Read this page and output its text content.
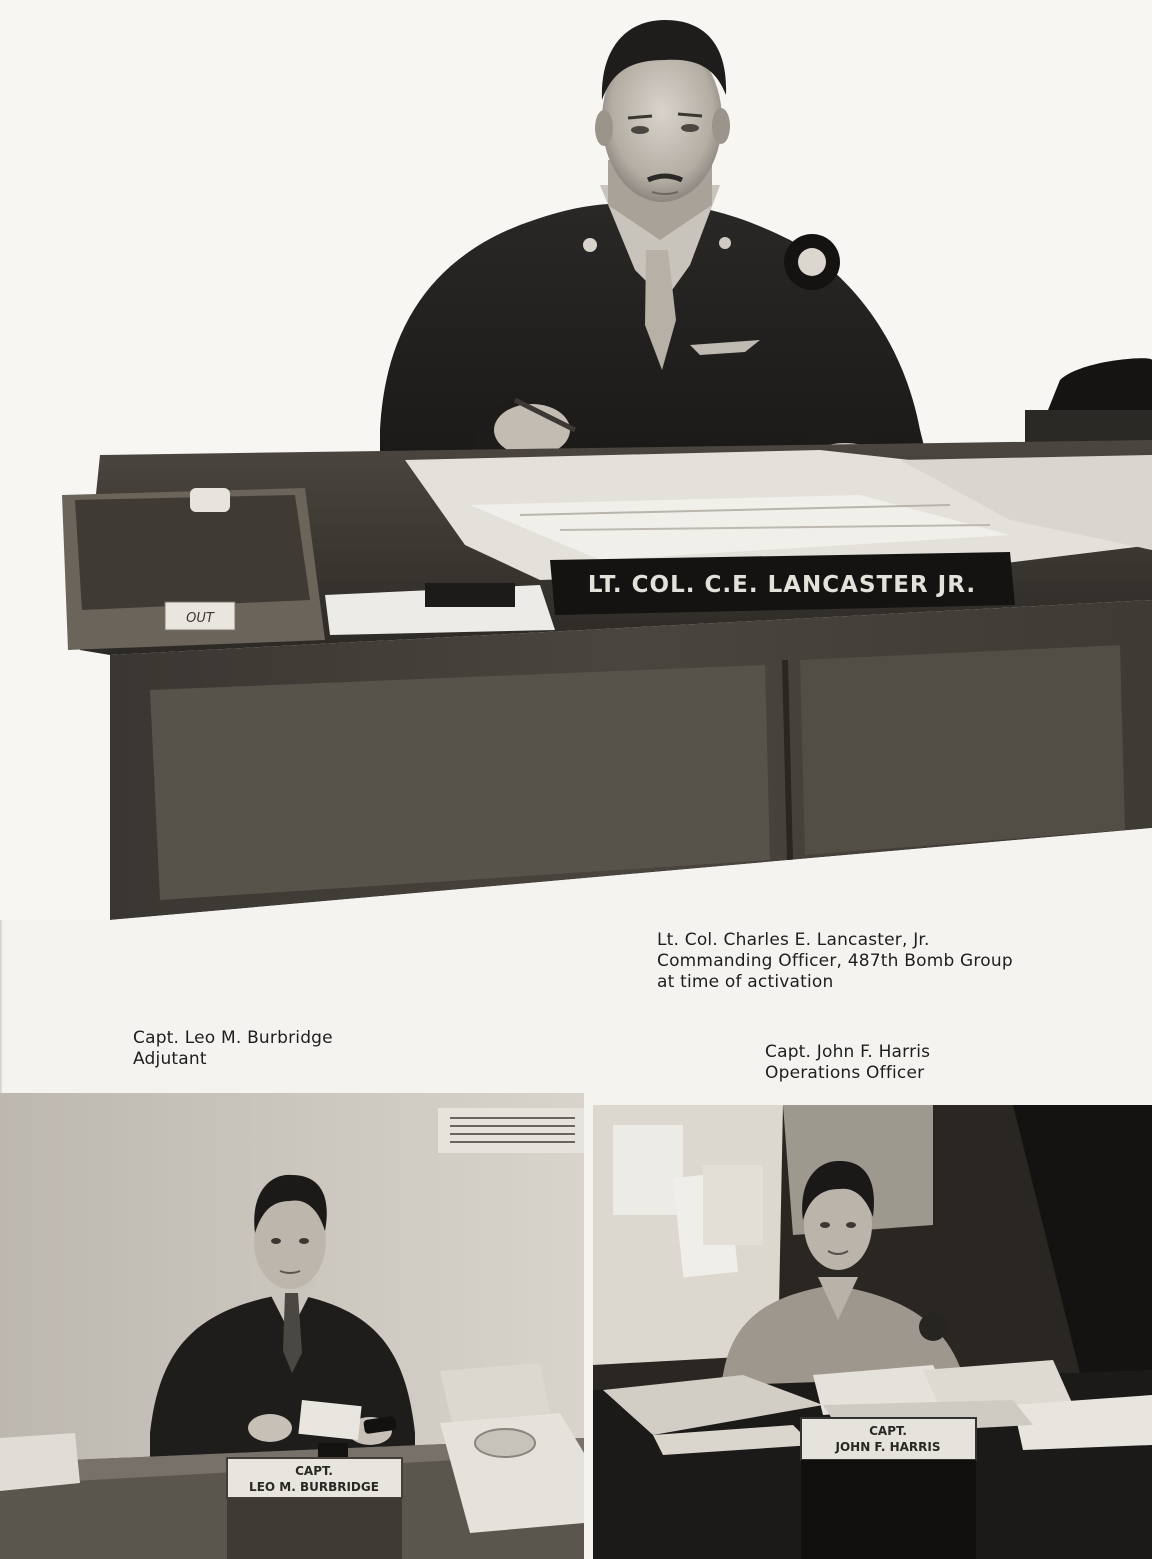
OUT
LT. COL. C.E. LANCASTER JR.
Lt. Col. Charles E. Lancaster, Jr.
Commanding Officer, 487th Bomb Group
at time of activation
Capt. Leo M. Burbridge
Adjutant	Capt. John F. Harris
Operations Officer
CAPT.
LEO M. BURBRIDGE
CAPT.
JOHN F. HARRIS
